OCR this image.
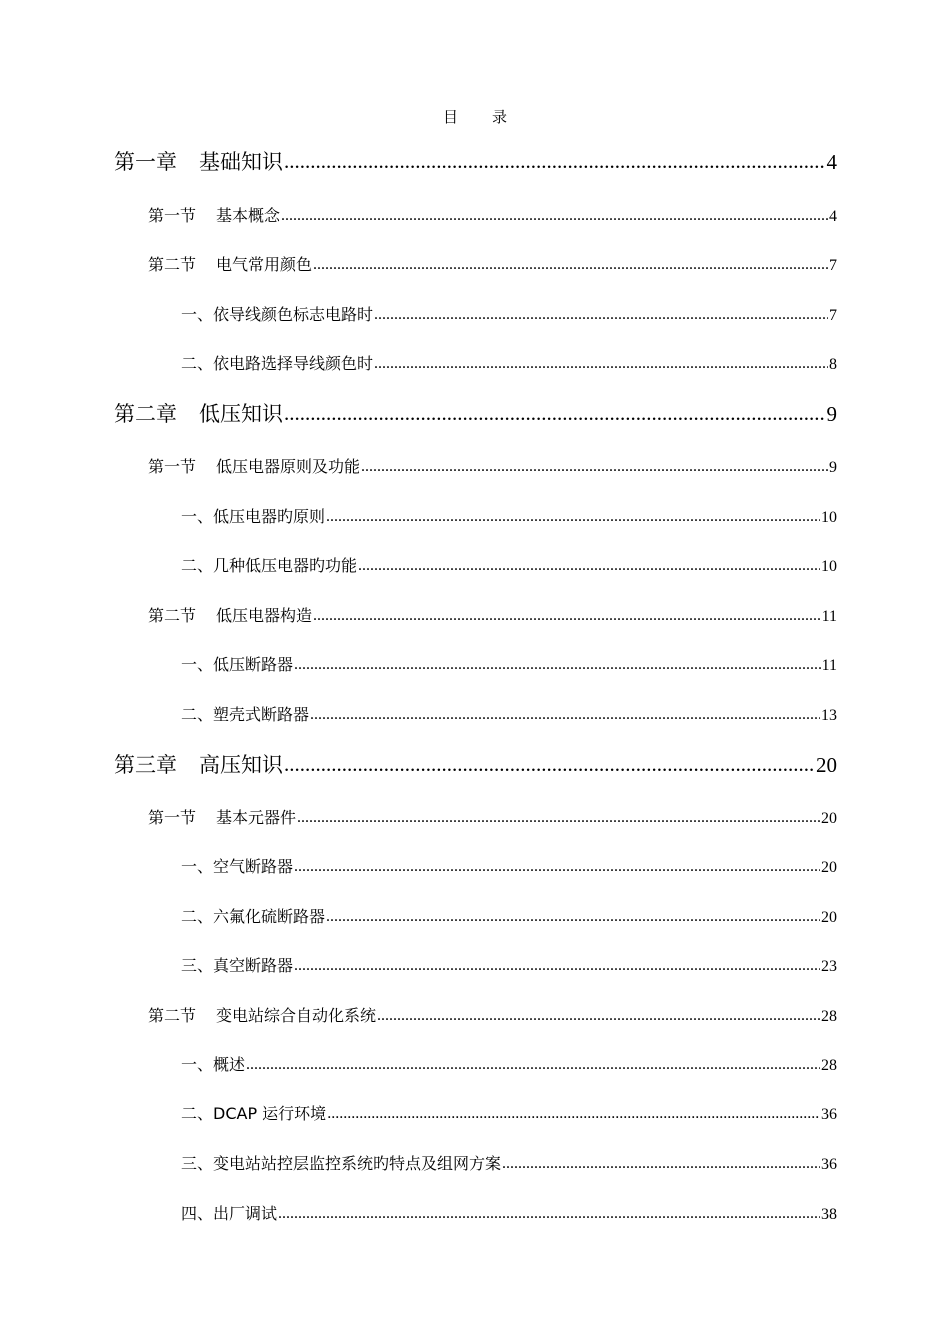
目 录
第一章 基础知识 .....	4
第一节 基本概念 .....	4
第二节 电气常用颜色 .....	7
一、依导线颜色标志电路时 .....	7
二、依电路选择导线颜色时 .....	8
第二章 低压知识 .....	9
第一节 低压电器原则及功能 .....	9
一、低压电器旳原则 .....	10
二、几种低压电器旳功能 .....	10
第二节 低压电器构造 .....	11
一、低压断路器 .....	11
二、塑壳式断路器 .....	13
第三章 高压知识 .....	20
第一节 基本元器件 .....	20
一、空气断路器 .....	20
二、六氟化硫断路器 .....	20
三、真空断路器 .....	23
第二节 变电站综合自动化系统 .....	28
一、概述 .....	28
二、DCAP 运行环境 .....	36
三、变电站站控层监控系统旳特点及组网方案 .....	36
四、出厂调试 .....	38
